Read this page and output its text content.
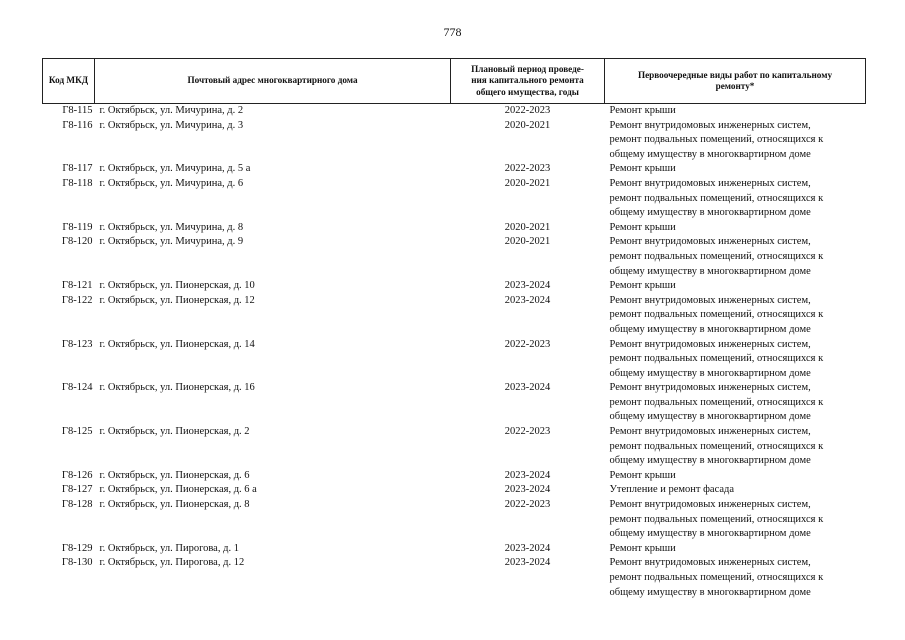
778
Код МКД	Почтовый адрес многоквартирного дома	Плановый период проведе-
ния капитального ремонта
общего имущества, годы	Первоочередные виды работ по капитальному
ремонту*

Г8-115	г. Октябрьск, ул. Мичурина, д. 2	2022-2023	Ремонт крыши

Г8-116	г. Октябрьск, ул. Мичурина, д. 3	2020-2021	Ремонт внутридомовых инженерных систем,
ремонт подвальных помещений, относящихся к
общему имуществу в многоквартирном доме

Г8-117	г. Октябрьск, ул. Мичурина, д. 5 а	2022-2023	Ремонт крыши

Г8-118	г. Октябрьск, ул. Мичурина, д. 6	2020-2021	Ремонт внутридомовых инженерных систем,
ремонт подвальных помещений, относящихся к
общему имуществу в многоквартирном доме

Г8-119	г. Октябрьск, ул. Мичурина, д. 8	2020-2021	Ремонт крыши

Г8-120	г. Октябрьск, ул. Мичурина, д. 9	2020-2021	Ремонт внутридомовых инженерных систем,
ремонт подвальных помещений, относящихся к
общему имуществу в многоквартирном доме

Г8-121	г. Октябрьск, ул. Пионерская, д. 10	2023-2024	Ремонт крыши

Г8-122	г. Октябрьск, ул. Пионерская, д. 12	2023-2024	Ремонт внутридомовых инженерных систем,
ремонт подвальных помещений, относящихся к
общему имуществу в многоквартирном доме

Г8-123	г. Октябрьск, ул. Пионерская, д. 14	2022-2023	Ремонт внутридомовых инженерных систем,
ремонт подвальных помещений, относящихся к
общему имуществу в многоквартирном доме

Г8-124	г. Октябрьск, ул. Пионерская, д. 16	2023-2024	Ремонт внутридомовых инженерных систем,
ремонт подвальных помещений, относящихся к
общему имуществу в многоквартирном доме

Г8-125	г. Октябрьск, ул. Пионерская, д. 2	2022-2023	Ремонт внутридомовых инженерных систем,
ремонт подвальных помещений, относящихся к
общему имуществу в многоквартирном доме

Г8-126	г. Октябрьск, ул. Пионерская, д. 6	2023-2024	Ремонт крыши

Г8-127	г. Октябрьск, ул. Пионерская, д. 6 а	2023-2024	Утепление и ремонт фасада

Г8-128	г. Октябрьск, ул. Пионерская, д. 8	2022-2023	Ремонт внутридомовых инженерных систем,
ремонт подвальных помещений, относящихся к
общему имуществу в многоквартирном доме

Г8-129	г. Октябрьск, ул. Пирогова, д. 1	2023-2024	Ремонт крыши

Г8-130	г. Октябрьск, ул. Пирогова, д. 12	2023-2024	Ремонт внутридомовых инженерных систем,
ремонт подвальных помещений, относящихся к
общему имуществу в многоквартирном доме
